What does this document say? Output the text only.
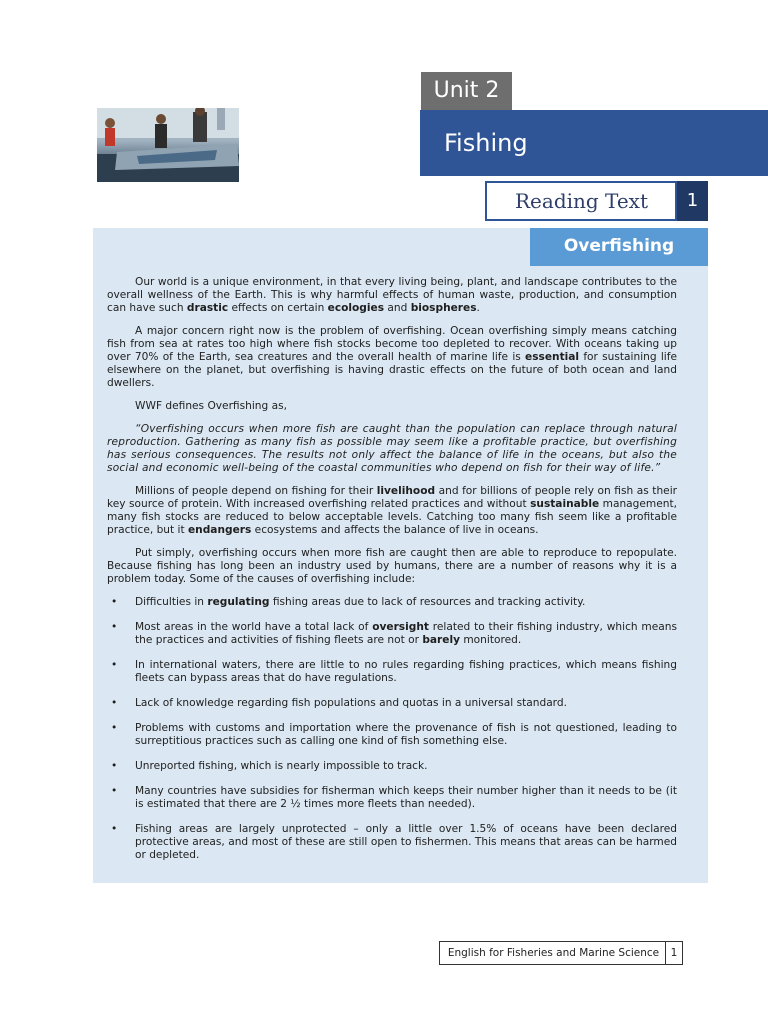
Unit 2
Fishing
Reading Text	1
Overfishing

Our world is a unique environment, in that every living being, plant, and landscape contributes to the overall wellness of the Earth. This is why harmful effects of human waste, production, and consumption can have such drastic effects on certain ecologies and biospheres.

A major concern right now is the problem of overfishing. Ocean overfishing simply means catching fish from sea at rates too high where fish stocks become too depleted to recover. With oceans taking up over 70% of the Earth, sea creatures and the overall health of marine life is essential for sustaining life elsewhere on the planet, but overfishing is having drastic effects on the future of both ocean and land dwellers.

WWF defines Overfishing as,

“Overfishing occurs when more fish are caught than the population can replace through natural reproduction. Gathering as many fish as possible may seem like a profitable practice, but overfishing has serious consequences. The results not only affect the balance of life in the oceans, but also the social and economic well-being of the coastal communities who depend on fish for their way of life.”

Millions of people depend on fishing for their livelihood and for billions of people rely on fish as their key source of protein. With increased overfishing related practices and without sustainable management, many fish stocks are reduced to below acceptable levels. Catching too many fish seem like a profitable practice, but it endangers ecosystems and affects the balance of live in oceans.

Put simply, overfishing occurs when more fish are caught then are able to reproduce to repopulate. Because fishing has long been an industry used by humans, there are a number of reasons why it is a problem today. Some of the causes of overfishing include:

• Difficulties in regulating fishing areas due to lack of resources and tracking activity.
• Most areas in the world have a total lack of oversight related to their fishing industry, which means the practices and activities of fishing fleets are not or barely monitored.
• In international waters, there are little to no rules regarding fishing practices, which means fishing fleets can bypass areas that do have regulations.
• Lack of knowledge regarding fish populations and quotas in a universal standard.
• Problems with customs and importation where the provenance of fish is not questioned, leading to surreptitious practices such as calling one kind of fish something else.
• Unreported fishing, which is nearly impossible to track.
• Many countries have subsidies for fisherman which keeps their number higher than it needs to be (it is estimated that there are 2 ½ times more fleets than needed).
• Fishing areas are largely unprotected – only a little over 1.5% of oceans have been declared protective areas, and most of these are still open to fishermen. This means that areas can be harmed or depleted.
English for Fisheries and Marine Science	1
